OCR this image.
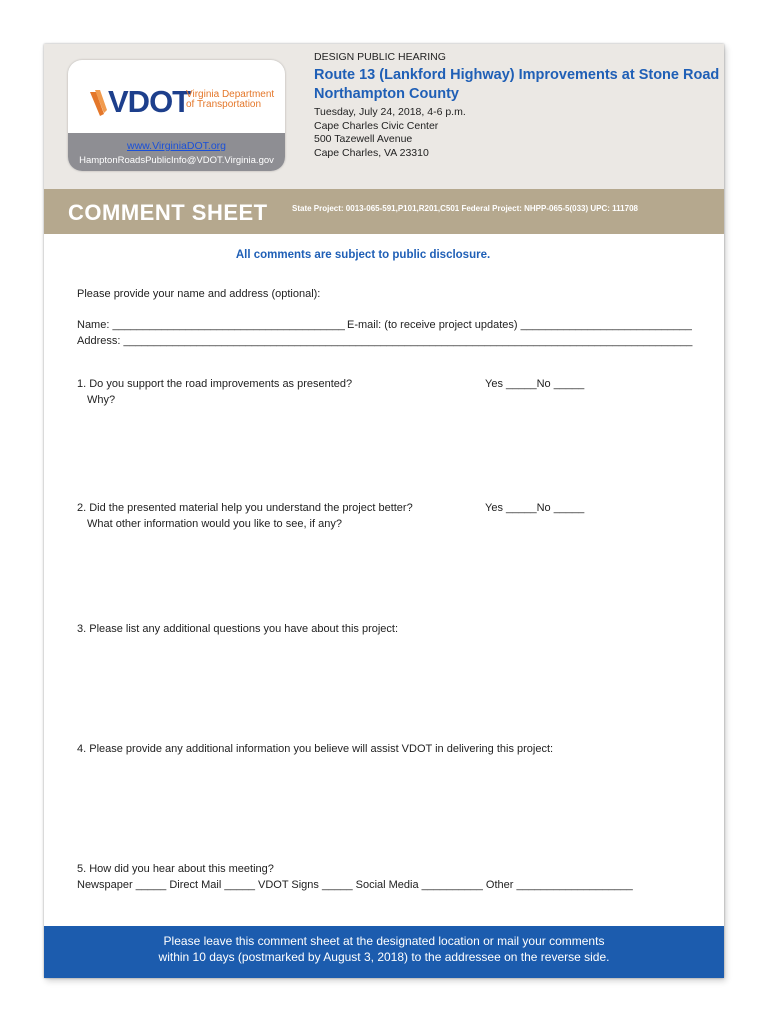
VDOT
Virginia Department
of Transportation
www.VirginiaDOT.org
HamptonRoadsPublicInfo@VDOT.Virginia.gov
DESIGN PUBLIC HEARING
Route 13 (Lankford Highway) Improvements at Stone Road Northampton County
Tuesday, July 24, 2018, 4-6 p.m.
Cape Charles Civic Center
500 Tazewell Avenue
Cape Charles, VA 23310
COMMENT SHEET	State Project: 0013-065-591,P101,R201,C501 Federal Project: NHPP-065-5(033) UPC: 111708
All comments are subject to public disclosure.
Please provide your name and address (optional):
Name: ______________________________________ E-mail: (to receive project updates) ____________________________
Address: _____________________________________________________________________________________________
1. Do you support the road improvements as presented?
Why?
Yes _____No _____
2. Did the presented material help you understand the project better?
What other information would you like to see, if any?
Yes _____No _____
3. Please list any additional questions you have about this project:
4. Please provide any additional information you believe will assist VDOT in delivering this project:
5. How did you hear about this meeting?
Newspaper _____ Direct Mail _____ VDOT Signs _____ Social Media __________ Other ___________________
Please leave this comment sheet at the designated location or mail your comments
within 10 days (postmarked by August 3, 2018) to the addressee on the reverse side.
